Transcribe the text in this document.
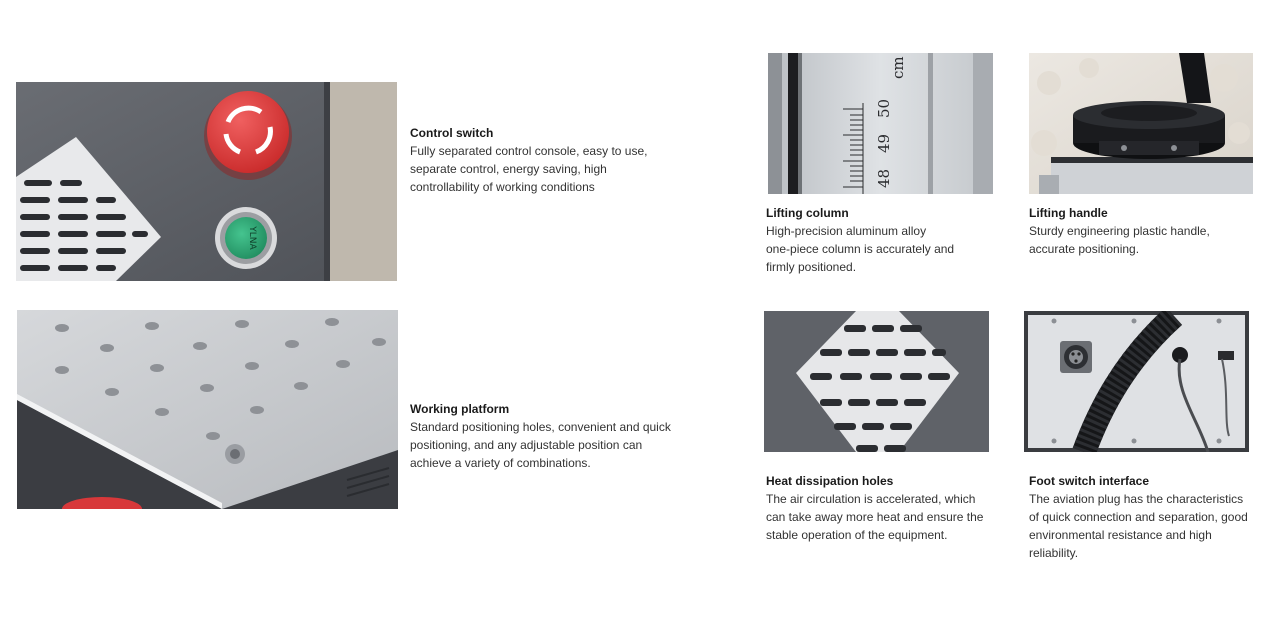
YLNA
48
49
50
cm
Control switch
Fully separated control console, easy to use,
separate control, energy saving, high
controllability of working conditions
Working platform
Standard positioning holes, convenient and quick
positioning, and any adjustable position can
achieve a variety of combinations.
Lifting column
High-precision aluminum alloy
one-piece column is accurately and
firmly positioned.
Lifting handle
Sturdy engineering plastic handle,
accurate positioning.
Heat dissipation holes
The air circulation is accelerated, which
can take away more heat and ensure the
stable operation of the equipment.
Foot switch interface
The aviation plug has the characteristics
of quick connection and separation, good
environmental resistance and high
reliability.
